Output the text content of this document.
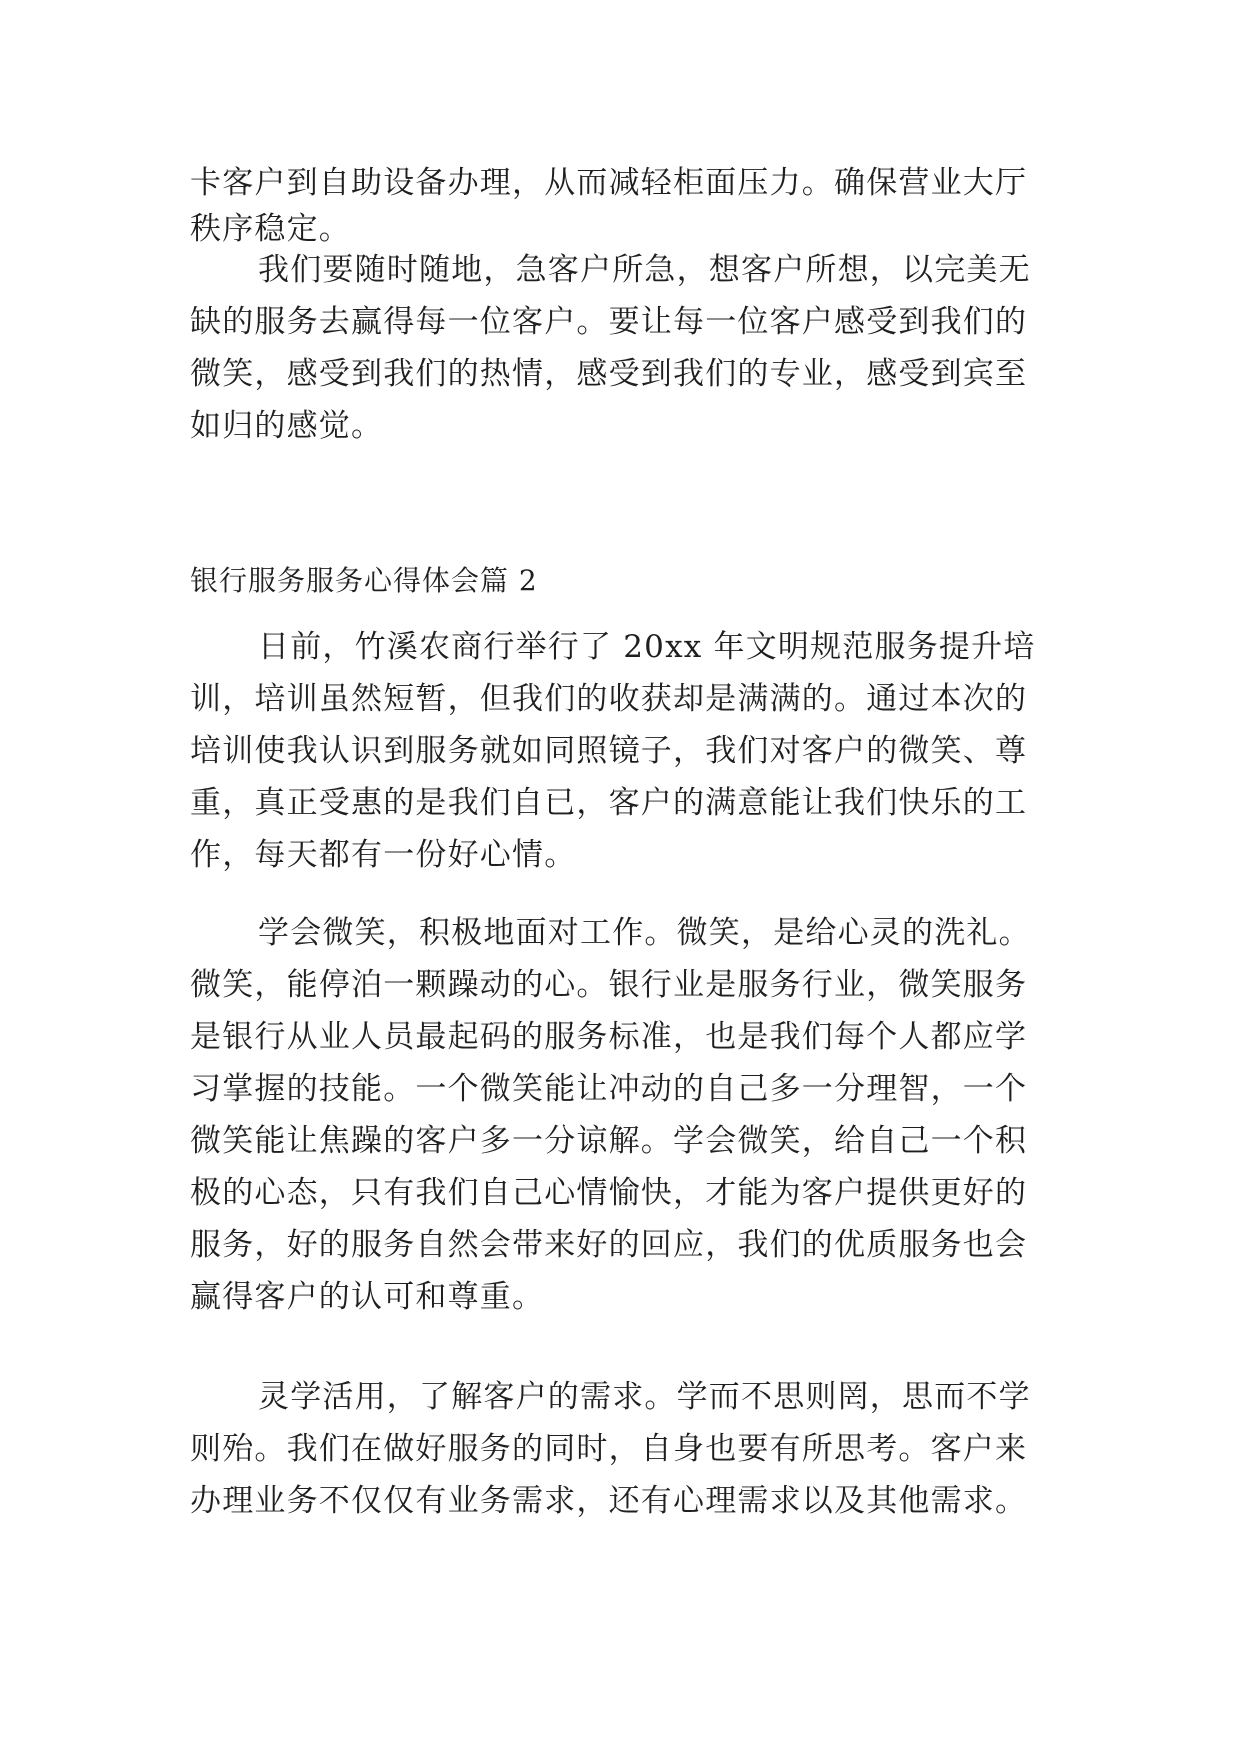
卡客户到自助设备办理，从而减轻柜面压力。确保营业大厅
秩序稳定。
我们要随时随地，急客户所急，想客户所想，以完美无
缺的服务去赢得每一位客户。要让每一位客户感受到我们的
微笑，感受到我们的热情，感受到我们的专业，感受到宾至
如归的感觉。
银行服务服务心得体会篇 2
日前，竹溪农商行举行了 20xx 年文明规范服务提升培
训，培训虽然短暂，但我们的收获却是满满的。通过本次的
培训使我认识到服务就如同照镜子，我们对客户的微笑、尊
重，真正受惠的是我们自已，客户的满意能让我们快乐的工
作，每天都有一份好心情。
学会微笑，积极地面对工作。微笑，是给心灵的洗礼。
微笑，能停泊一颗躁动的心。银行业是服务行业，微笑服务
是银行从业人员最起码的服务标准，也是我们每个人都应学
习掌握的技能。一个微笑能让冲动的自己多一分理智，一个
微笑能让焦躁的客户多一分谅解。学会微笑，给自己一个积
极的心态，只有我们自己心情愉快，才能为客户提供更好的
服务，好的服务自然会带来好的回应，我们的优质服务也会
赢得客户的认可和尊重。
灵学活用，了解客户的需求。学而不思则罔，思而不学
则殆。我们在做好服务的同时，自身也要有所思考。客户来
办理业务不仅仅有业务需求，还有心理需求以及其他需求。
